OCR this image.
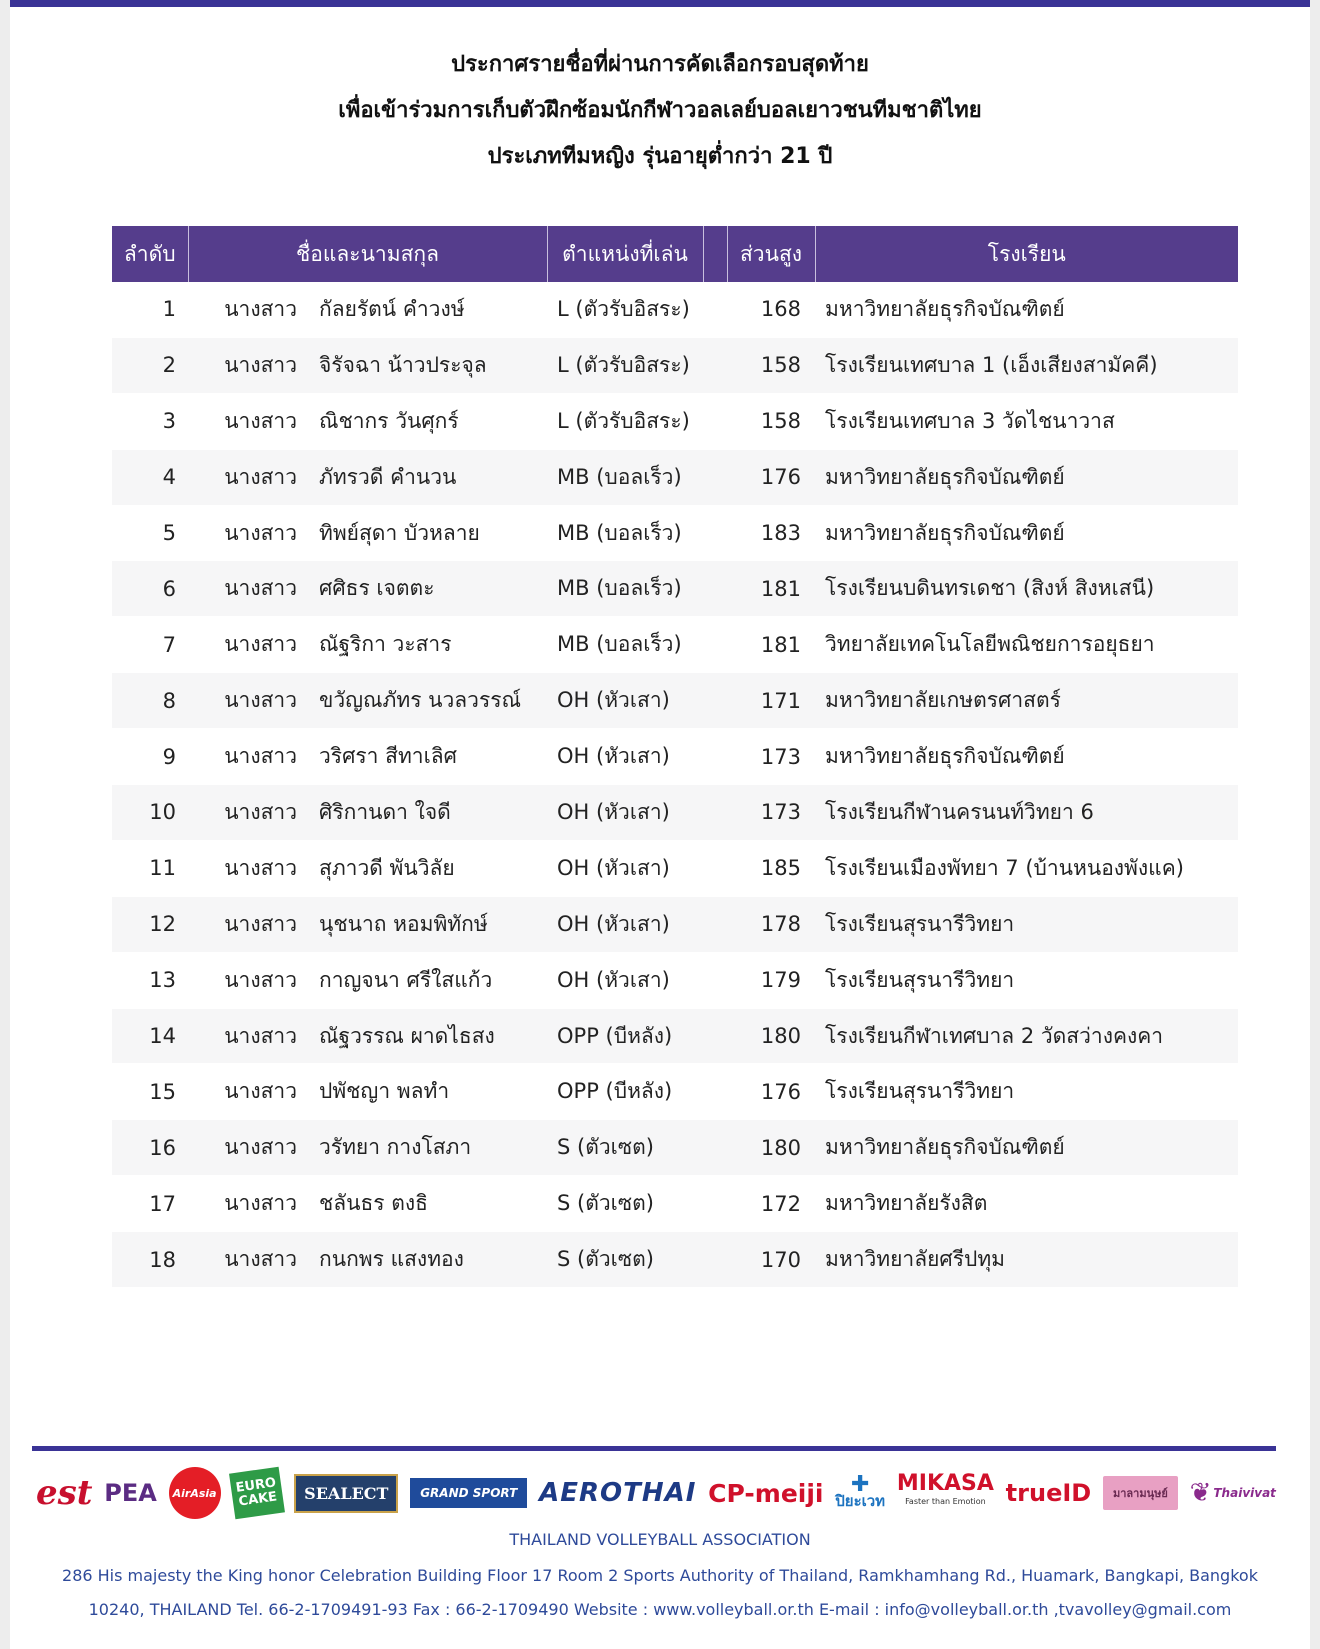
ประกาศรายชื่อที่ผ่านการคัดเลือกรอบสุดท้าย
เพื่อเข้าร่วมการเก็บตัวฝึกซ้อมนักกีฬาวอลเลย์บอลเยาวชนทีมชาติไทย
ประเภททีมหญิง รุ่นอายุต่ำกว่า 21 ปี
ลำดับ	ชื่อและนามสกุล		ตำแหน่งที่เล่น		ส่วนสูง	โรงเรียน
1	นางสาว	กัลยรัตน์ คำวงษ์	L (ตัวรับอิสระ)		168	มหาวิทยาลัยธุรกิจบัณฑิตย์
2	นางสาว	จิรัจฉา น้าวประจุล	L (ตัวรับอิสระ)		158	โรงเรียนเทศบาล 1 (เอ็งเสียงสามัคคี)
3	นางสาว	ณิชากร วันศุกร์	L (ตัวรับอิสระ)		158	โรงเรียนเทศบาล 3 วัดไชนาวาส
4	นางสาว	ภัทรวดี คำนวน	MB (บอลเร็ว)		176	มหาวิทยาลัยธุรกิจบัณฑิตย์
5	นางสาว	ทิพย์สุดา บัวหลาย	MB (บอลเร็ว)		183	มหาวิทยาลัยธุรกิจบัณฑิตย์
6	นางสาว	ศศิธร เจตตะ	MB (บอลเร็ว)		181	โรงเรียนบดินทรเดชา (สิงห์ สิงหเสนี)
7	นางสาว	ณัฐริกา วะสาร	MB (บอลเร็ว)		181	วิทยาลัยเทคโนโลยีพณิชยการอยุธยา
8	นางสาว	ขวัญณภัทร นวลวรรณ์	OH (หัวเสา)		171	มหาวิทยาลัยเกษตรศาสตร์
9	นางสาว	วริศรา สีทาเลิศ	OH (หัวเสา)		173	มหาวิทยาลัยธุรกิจบัณฑิตย์
10	นางสาว	ศิริกานดา ใจดี	OH (หัวเสา)		173	โรงเรียนกีฬานครนนท์วิทยา 6
11	นางสาว	สุภาวดี พันวิลัย	OH (หัวเสา)		185	โรงเรียนเมืองพัทยา 7 (บ้านหนองพังแค)
12	นางสาว	นุชนาถ หอมพิทักษ์	OH (หัวเสา)		178	โรงเรียนสุรนารีวิทยา
13	นางสาว	กาญจนา ศรีใสแก้ว	OH (หัวเสา)		179	โรงเรียนสุรนารีวิทยา
14	นางสาว	ณัฐวรรณ ผาดไธสง	OPP (บีหลัง)		180	โรงเรียนกีฬาเทศบาล 2 วัดสว่างคงคา
15	นางสาว	ปพัชญา พลทำ	OPP (บีหลัง)		176	โรงเรียนสุรนารีวิทยา
16	นางสาว	วรัทยา กางโสภา	S (ตัวเซต)		180	มหาวิทยาลัยธุรกิจบัณฑิตย์
17	นางสาว	ชลันธร ตงธิ	S (ตัวเซต)		172	มหาวิทยาลัยรังสิต
18	นางสาว	กนกพร แสงทอง	S (ตัวเซต)		170	มหาวิทยาลัยศรีปทุม
est PEA	AirAsia	EURO CAKE	SEALECT	GRAND SPORT AEROTHAI CP-meiji ✚
ปิยะเวท
MIKASA
Faster than Emotion trueID	มาลามนุษย์ ❦ Thaivivat
THAILAND VOLLEYBALL ASSOCIATION
286 His majesty the King honor Celebration Building Floor 17 Room 2 Sports Authority of Thailand, Ramkhamhang Rd., Huamark, Bangkapi, Bangkok
10240, THAILAND Tel. 66-2-1709491-93 Fax : 66-2-1709490 Website : www.volleyball.or.th E-mail : info@volleyball.or.th ,tvavolley@gmail.com
